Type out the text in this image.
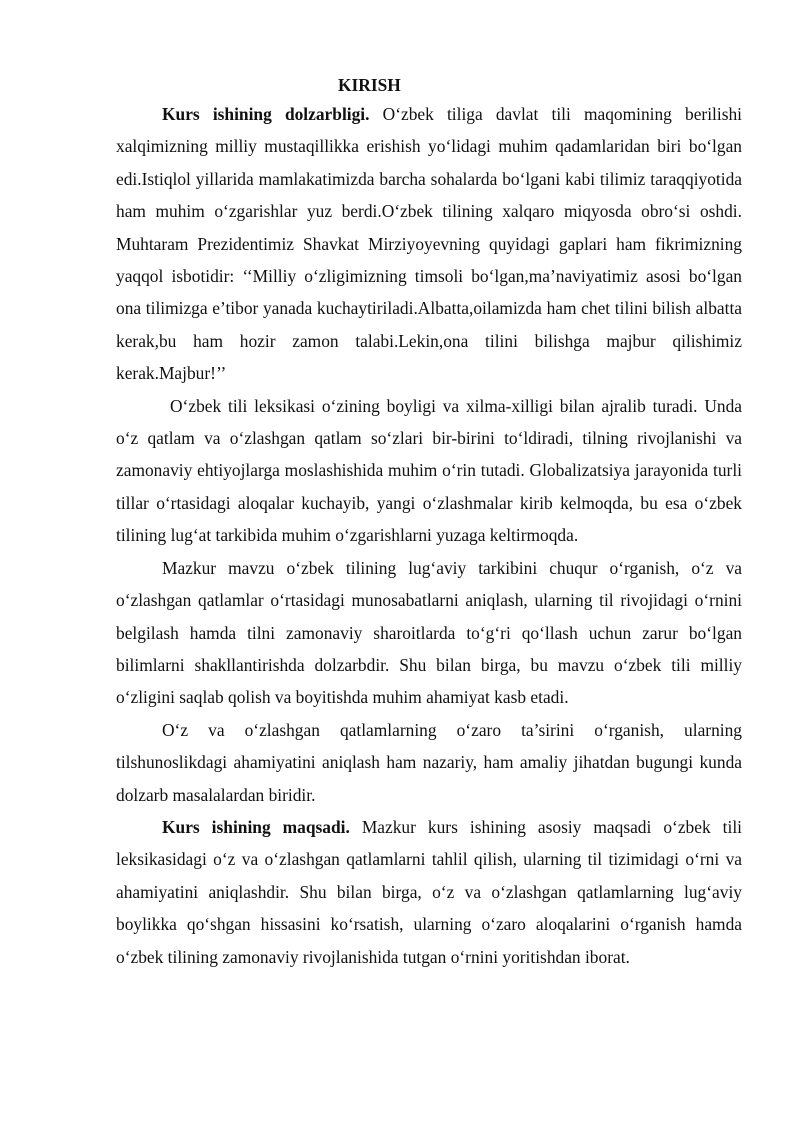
KIRISH

Kurs ishining dolzarbligi. O‘zbek tiliga davlat tili maqomining berilishi xalqimizning milliy mustaqillikka erishish yo‘lidagi muhim qadamlaridan biri bo‘lgan edi.Istiqlol yillarida mamlakatimizda barcha sohalarda bo‘lgani kabi tilimiz taraqqiyotida ham muhim o‘zgarishlar yuz berdi.O‘zbek tilining xalqaro miqyosda obro‘si oshdi. Muhtaram Prezidentimiz Shavkat Mirziyoyevning quyidagi gaplari ham fikrimizning yaqqol isbotidir: ‘‘Milliy o‘zligimizning timsoli bo‘lgan,ma’naviyatimiz asosi bo‘lgan ona tilimizga e’tibor yanada kuchaytiriladi.Albatta,oilamizda ham chet tilini bilish albatta kerak,bu ham hozir zamon talabi.Lekin,ona tilini bilishga majbur qilishimiz kerak.Majbur!’’

O‘zbek tili leksikasi o‘zining boyligi va xilma-xilligi bilan ajralib turadi. Unda o‘z qatlam va o‘zlashgan qatlam so‘zlari bir-birini to‘ldiradi, tilning rivojlanishi va zamonaviy ehtiyojlarga moslashishida muhim o‘rin tutadi. Globalizatsiya jarayonida turli tillar o‘rtasidagi aloqalar kuchayib, yangi o‘zlashmalar kirib kelmoqda, bu esa o‘zbek tilining lug‘at tarkibida muhim o‘zgarishlarni yuzaga keltirmoqda.

Mazkur mavzu o‘zbek tilining lug‘aviy tarkibini chuqur o‘rganish, o‘z va o‘zlashgan qatlamlar o‘rtasidagi munosabatlarni aniqlash, ularning til rivojidagi o‘rnini belgilash hamda tilni zamonaviy sharoitlarda to‘g‘ri qo‘llash uchun zarur bo‘lgan bilimlarni shakllantirishda dolzarbdir. Shu bilan birga, bu mavzu o‘zbek tili milliy o‘zligini saqlab qolish va boyitishda muhim ahamiyat kasb etadi.

O‘z va o‘zlashgan qatlamlarning o‘zaro ta’sirini o‘rganish, ularning tilshunoslikdagi ahamiyatini aniqlash ham nazariy, ham amaliy jihatdan bugungi kunda dolzarb masalalardan biridir.

Kurs ishining maqsadi. Mazkur kurs ishining asosiy maqsadi o‘zbek tili leksikasidagi o‘z va o‘zlashgan qatlamlarni tahlil qilish, ularning til tizimidagi o‘rni va ahamiyatini aniqlashdir. Shu bilan birga, o‘z va o‘zlashgan qatlamlarning lug‘aviy boylikka qo‘shgan hissasini ko‘rsatish, ularning o‘zaro aloqalarini o‘rganish hamda o‘zbek tilining zamonaviy rivojlanishida tutgan o‘rnini yoritishdan iborat.
